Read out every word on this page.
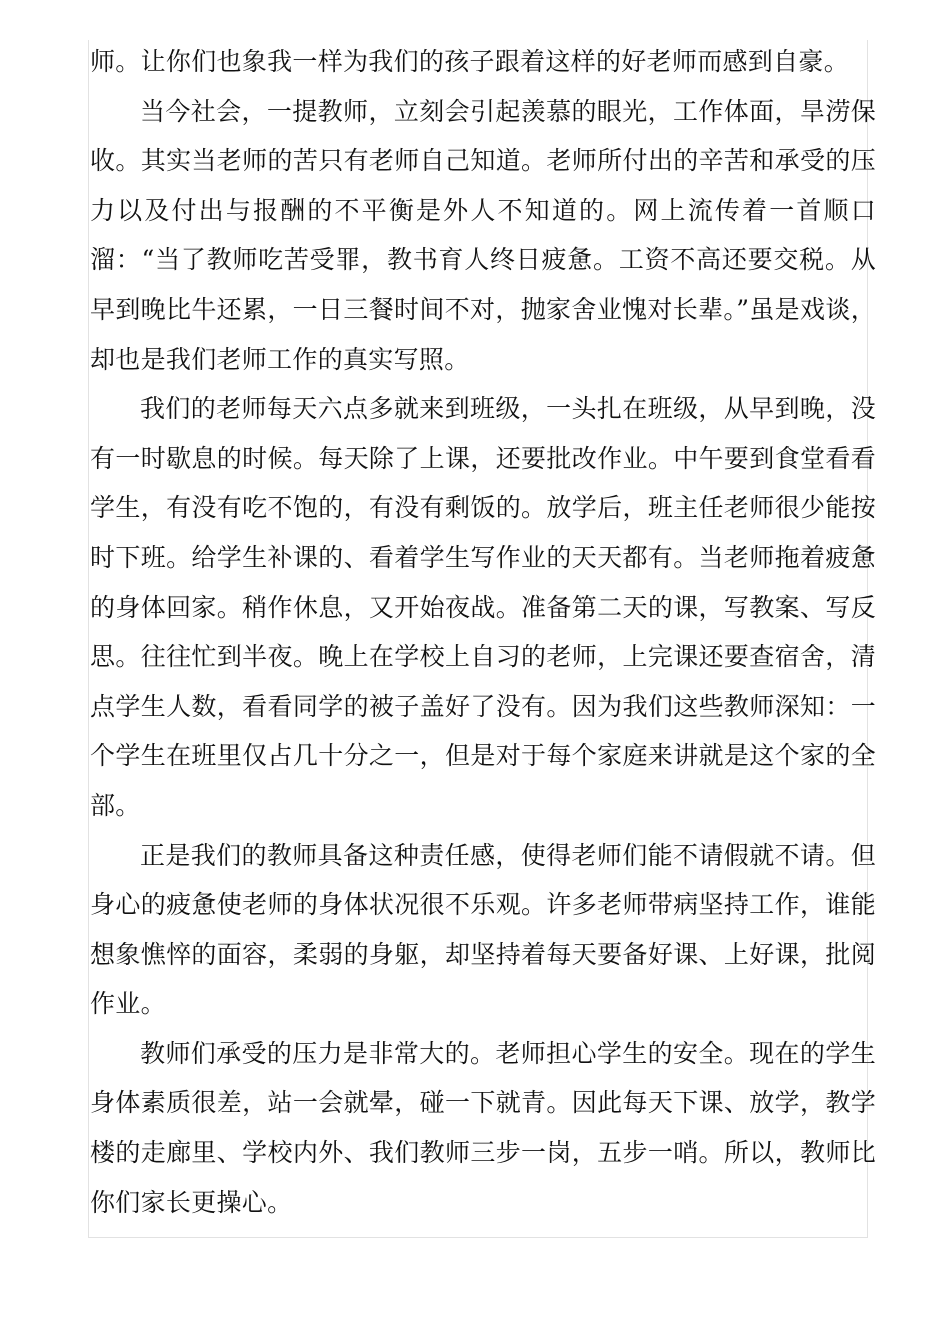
师。让你们也象我一样为我们的孩子跟着这样的好老师而感到自豪。

当今社会，一提教师，立刻会引起羡慕的眼光，工作体面，旱涝保收。其实当老师的苦只有老师自己知道。老师所付出的辛苦和承受的压力以及付出与报酬的不平衡是外人不知道的。网上流传着一首顺口溜：“当了教师吃苦受罪，教书育人终日疲惫。工资不高还要交税。从早到晚比牛还累，一日三餐时间不对，抛家舍业愧对长辈。”虽是戏谈，却也是我们老师工作的真实写照。

我们的老师每天六点多就来到班级，一头扎在班级，从早到晚，没有一时歇息的时候。每天除了上课，还要批改作业。中午要到食堂看看学生，有没有吃不饱的，有没有剩饭的。放学后，班主任老师很少能按时下班。给学生补课的、看着学生写作业的天天都有。当老师拖着疲惫的身体回家。稍作休息，又开始夜战。准备第二天的课，写教案、写反思。往往忙到半夜。晚上在学校上自习的老师，上完课还要查宿舍，清点学生人数，看看同学的被子盖好了没有。因为我们这些教师深知：一个学生在班里仅占几十分之一，但是对于每个家庭来讲就是这个家的全部。

正是我们的教师具备这种责任感，使得老师们能不请假就不请。但身心的疲惫使老师的身体状况很不乐观。许多老师带病坚持工作，谁能想象憔悴的面容，柔弱的身躯，却坚持着每天要备好课、上好课，批阅作业。

教师们承受的压力是非常大的。老师担心学生的安全。现在的学生身体素质很差，站一会就晕，碰一下就青。因此每天下课、放学，教学楼的走廊里、学校内外、我们教师三步一岗，五步一哨。所以，教师比你们家长更操心。
